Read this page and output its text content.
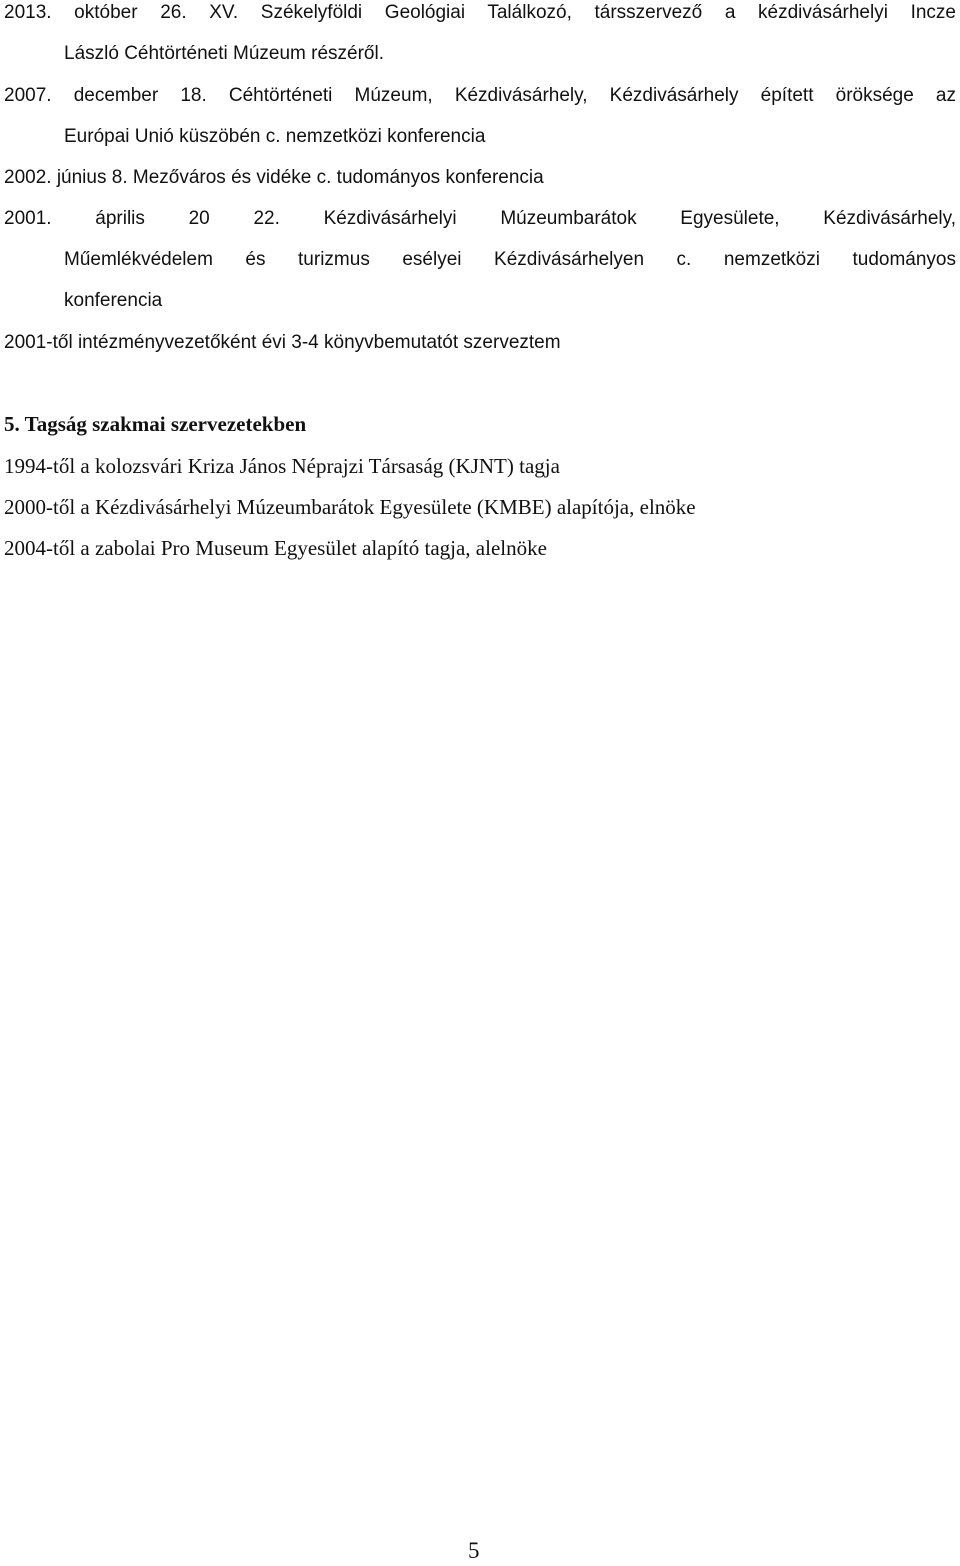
2013. október 26. XV. Székelyföldi Geológiai Találkozó, társszervező a kézdivásárhelyi Incze
László Céhtörténeti Múzeum részéről.
2007. december 18. Céhtörténeti Múzeum, Kézdivásárhely, Kézdivásárhely épített öröksége az
Európai Unió küszöbén c. nemzetközi konferencia
2002. június 8. Mezőváros és vidéke c. tudományos konferencia
2001. április 20 22. Kézdivásárhelyi Múzeumbarátok Egyesülete, Kézdivásárhely,
Műemlékvédelem és turizmus esélyei Kézdivásárhelyen c. nemzetközi tudományos
konferencia

2001-től intézményvezetőként évi 3-4 könyvbemutatót szerveztem

5. Tagság szakmai szervezetekben

1994-től a kolozsvári Kriza János Néprajzi Társaság (KJNT) tagja

2000-től a Kézdivásárhelyi Múzeumbarátok Egyesülete (KMBE) alapítója, elnöke

2004-től a zabolai Pro Museum Egyesület alapító tagja, alelnöke

5
